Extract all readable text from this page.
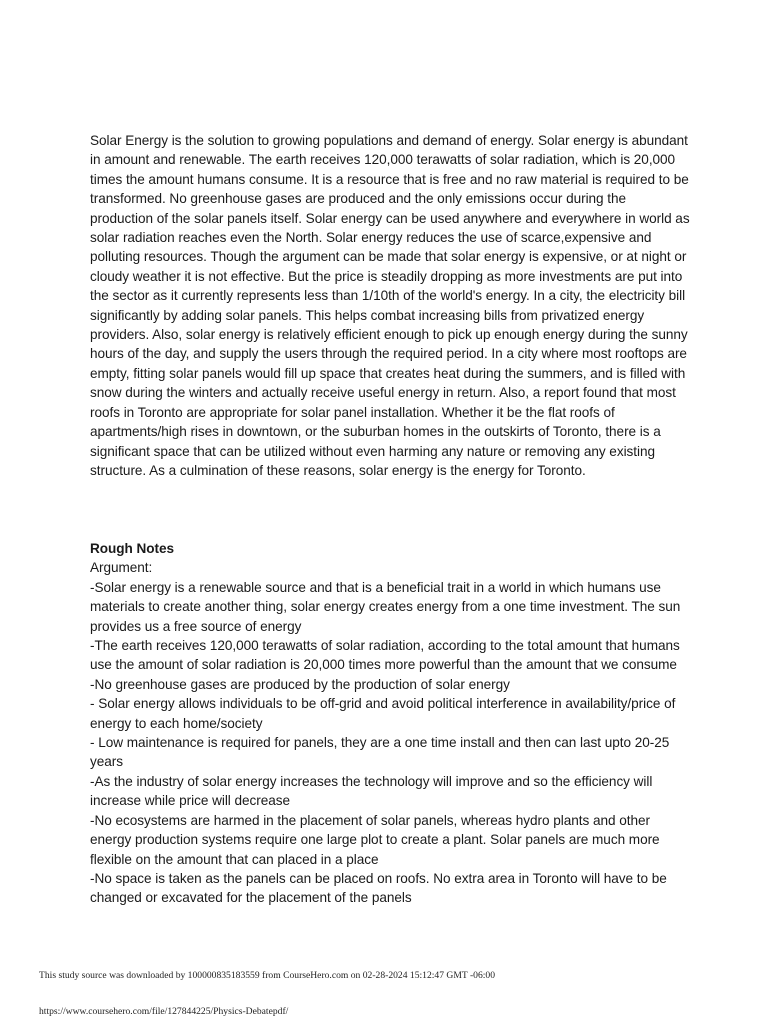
Solar Energy is the solution to growing populations and demand of energy. Solar energy is abundant in amount and renewable. The earth receives 120,000 terawatts of solar radiation, which is 20,000 times the amount humans consume. It is a resource that is free and no raw material is required to be transformed. No greenhouse gases are produced and the only emissions occur during the production of the solar panels itself. Solar energy can be used anywhere and everywhere in world as solar radiation reaches even the North. Solar energy reduces the use of scarce,expensive and polluting resources. Though the argument can be made that solar energy is expensive, or at night or cloudy weather it is not effective. But the price is steadily dropping as more investments are put into the sector as it currently represents less than 1/10th of the world's energy. In a city, the electricity bill significantly by adding solar panels. This helps combat increasing bills from privatized energy providers. Also, solar energy is relatively efficient enough to pick up enough energy during the sunny hours of the day, and supply the users through the required period. In a city where most rooftops are empty, fitting solar panels would fill up space that creates heat during the summers, and is filled with snow during the winters and actually receive useful energy in return. Also, a report found that most roofs in Toronto are appropriate for solar panel installation. Whether it be the flat roofs of apartments/high rises in downtown, or the suburban homes in the outskirts of Toronto, there is a significant space that can be utilized without even harming any nature or removing any existing structure. As a culmination of these reasons, solar energy is the energy for Toronto.

Rough Notes

Argument:

-Solar energy is a renewable source and that is a beneficial trait in a world in which humans use materials to create another thing, solar energy creates energy from a one time investment. The sun provides us a free source of energy
-The earth receives 120,000 terawatts of solar radiation, according to the total amount that humans use the amount of solar radiation is 20,000 times more powerful than the amount that we consume
-No greenhouse gases are produced by the production of solar energy
- Solar energy allows individuals to be off-grid and avoid political interference in availability/price of energy to each home/society
- Low maintenance is required for panels, they are a one time install and then can last upto 20-25 years
-As the industry of solar energy increases the technology will improve and so the efficiency will increase while price will decrease
-No ecosystems are harmed in the placement of solar panels, whereas hydro plants and other energy production systems require one large plot to create a plant. Solar panels are much more flexible on the amount that can placed in a place
-No space is taken as the panels can be placed on roofs. No extra area in Toronto will have to be changed or excavated for the placement of the panels
This study source was downloaded by 100000835183559 from CourseHero.com on 02-28-2024 15:12:47 GMT -06:00
https://www.coursehero.com/file/127844225/Physics-Debatepdf/
